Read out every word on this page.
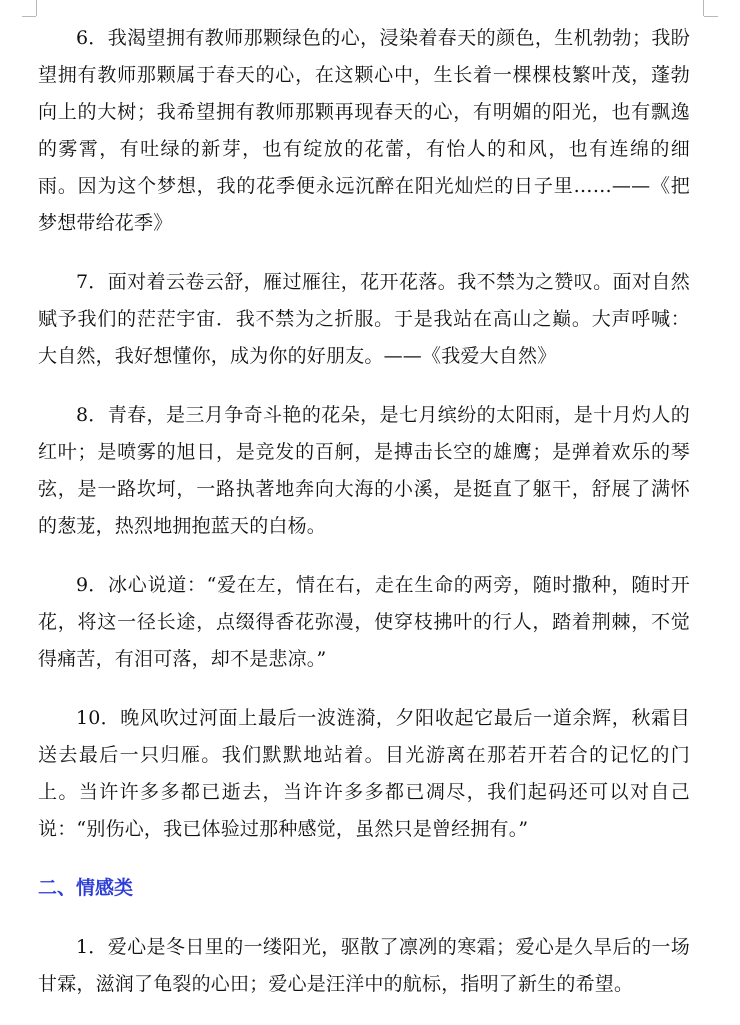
6．我渴望拥有教师那颗绿色的心，浸染着春天的颜色，生机勃勃；我盼望拥有教师那颗属于春天的心，在这颗心中，生长着一棵棵枝繁叶茂，蓬勃向上的大树；我希望拥有教师那颗再现春天的心，有明媚的阳光，也有飘逸的雾霄，有吐绿的新芽，也有绽放的花蕾，有怡人的和风，也有连绵的细雨。因为这个梦想，我的花季便永远沉醉在阳光灿烂的日子里……——《把梦想带给花季》

7．面对着云卷云舒，雁过雁往，花开花落。我不禁为之赞叹。面对自然赋予我们的茫茫宇宙．我不禁为之折服。于是我站在高山之巅。大声呼喊：大自然，我好想懂你，成为你的好朋友。——《我爱大自然》

8．青春，是三月争奇斗艳的花朵，是七月缤纷的太阳雨，是十月灼人的红叶；是喷雾的旭日，是竞发的百舸，是搏击长空的雄鹰；是弹着欢乐的琴弦，是一路坎坷，一路执著地奔向大海的小溪，是挺直了躯干，舒展了满怀的葱茏，热烈地拥抱蓝天的白杨。

9．冰心说道：“爱在左，情在右，走在生命的两旁，随时撒种，随时开花，将这一径长途，点缀得香花弥漫，使穿枝拂叶的行人，踏着荆棘，不觉得痛苦，有泪可落，却不是悲凉。”

10．晚风吹过河面上最后一波涟漪，夕阳收起它最后一道余辉，秋霜目送去最后一只归雁。我们默默地站着。目光游离在那若开若合的记忆的门上。当许许多多都已逝去，当许许多多都已凋尽，我们起码还可以对自己说：“别伤心，我已体验过那种感觉，虽然只是曾经拥有。”

二、情感类

1．爱心是冬日里的一缕阳光，驱散了凛冽的寒霜；爱心是久旱后的一场甘霖，滋润了龟裂的心田；爱心是汪洋中的航标，指明了新生的希望。
